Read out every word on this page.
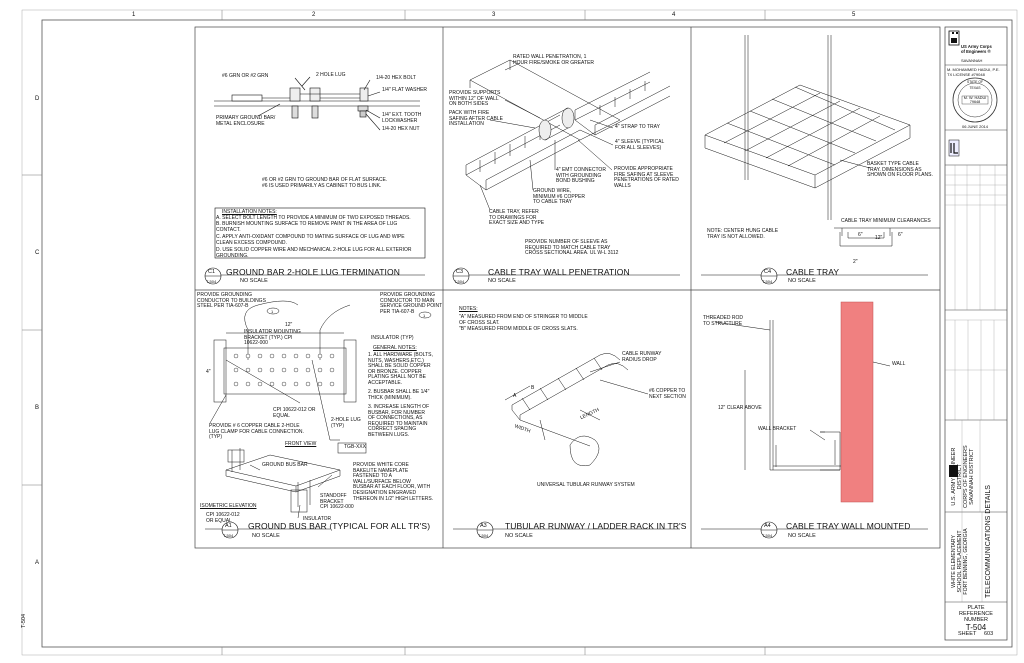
1	2	3	4	5
D
C
B
A
T-504
#6 GRN OR #2 GRN	2 HOLE LUG	1/4-20 HEX BOLT
1/4" FLAT WASHER
PRIMARY GROUND BAR/
METAL ENCLOSURE
1/4" EXT. TOOTH
LOCKWASHER
1/4-20 HEX NUT
#6 OR #2 GRN TO GROUND BAR OF FLAT SURFACE.
#6 IS USED PRIMARILY AS CABINET TO BUS LINK.
INSTALLATION NOTES:
A. SELECT BOLT LENGTH TO PROVIDE A MINIMUM OF TWO EXPOSED THREADS.
B. BURNISH MOUNTING SURFACE TO REMOVE PAINT IN THE AREA OF LUG
CONTACT.
C. APPLY ANTI-OXIDANT COMPOUND TO MATING SURFACE OF LUG AND WIPE
CLEAN EXCESS COMPOUND.
D. USE SOLID COPPER WIRE AND MECHANICAL 2-HOLE LUG FOR ALL EXTERIOR
GROUNDING.
C1
T-504
GROUND BAR 2-HOLE LUG TERMINATION
NO SCALE
RATED WALL PENETRATION, 1
HOUR FIRE/SMOKE OR GREATER
PROVIDE SUPPORTS
WITHIN 12" OF WALL
ON BOTH SIDES
PACK WITH FIRE
SAFING AFTER CABLE
INSTALLATION	4" STRAP TO TRAY
4" SLEEVE (TYPICAL
FOR ALL SLEEVES)
4" EMT CONNECTOR
WITH GROUNDING
BOND BUSHING
PROVIDE APPROPRIATE
FIRE SAFING AT SLEEVE
PENETRATIONS OF RATED
WALLS
GROUND WIRE,
MINIMUM #6 COPPER
TO CABLE TRAY
CABLE TRAY, REFER
TO DRAWINGS FOR
EXACT SIZE AND TYPE
PROVIDE NUMBER OF SLEEVE AS
REQUIRED TO MATCH CABLE TRAY
CROSS SECTIONAL AREA. UL W-L 3112
C3
T-504
CABLE TRAY WALL PENETRATION
NO SCALE
BASKET TYPE CABLE
TRAY. DIMENSIONS AS
SHOWN ON FLOOR PLANS.
CABLE TRAY MINIMUM CLEARANCES
NOTE: CENTER HUNG CABLE
TRAY IS NOT ALLOWED.	6" 12"	6"
2"
C4
T-504
CABLE TRAY
NO SCALE
PROVIDE GROUNDING
CONDUCTOR TO BUILDINGS
STEEL PER TIA-607-B
PROVIDE GROUNDING
CONDUCTOR TO MAIN
SERVICE GROUND POINT
PER TIA-607-B
1
1
12"
4"
INSULATOR MOUNTING
BRACKET (TYP.) CPI
10622-000
INSULATOR (TYP)
GENERAL NOTES:
1. ALL HARDWARE (BOLTS,
NUTS, WASHERS,ETC.)
SHALL BE SOLID COPPER
OR BRONZE. COPPER
PLATING SHALL NOT BE
ACCEPTABLE.
2. BUSBAR SHALL BE 1/4"
THICK (MINIMUM).
3. INCREASE LENGTH OF
BUSBAR, FOR NUMBER
OF CONNECTIONS, AS
REQUIRED TO MAINTAIN
CORRECT SPACING
BETWEEN LUGS.
CPI 10622-012 OR
EQUAL
PROVIDE # 6 COPPER CABLE 2-HOLE
LUG CLAMP FOR CABLE CONNECTION.
(TYP)
2-HOLE LUG
(TYP)
FRONT VIEW	TGB-XXX
GROUND BUS BAR	PROVIDE WHITE CORE
BAKELITE NAMEPLATE
FASTENED TO A
WALL/SURFACE BELOW
BUSBAR AT EACH FLOOR, WITH
DESIGNATION ENGRAVED
THEREON IN 1/2" HIGH LETTERS.
STANDOFF
BRACKET
CPI 10622-000
ISOMETRIC ELEVATION
CPI 10622-012
OR EQUAL	INSULATOR
A1
T-504
GROUND BUS BAR (TYPICAL FOR ALL TR'S)
NO SCALE
NOTES:
"A" MEASURED FROM END OF STRINGER TO MIDDLE
OF CROSS SLAT.
"B" MEASURED FROM MIDDLE OF CROSS SLATS.
CABLE RUNWAY
RADIUS DROP
#6 COPPER TO
NEXT SECTION
A
B
LENGTH
WIDTH
UNIVERSAL TUBULAR RUNWAY SYSTEM
A3
T-504
TUBULAR RUNWAY / LADDER RACK IN TR'S
NO SCALE
THREADED ROD
TO STRUCTURE
WALL
12" CLEAR ABOVE
WALL BRACKET
A4
T-504
CABLE TRAY WALL MOUNTED
NO SCALE
US Army Corps
of Engineers ®
SAVANNAH
M. MOHAMMED HADUI, P.E.
TX LICENSE #79048
STATE OF TEXAS
M. W. HADUI
79648
06 JUNE 2014
U.S. ARMY ENGINEER
DISTRICT
CORPS OF ENGINEERS
SAVANNAH DISTRICT
WHITE ELEMENTARY SCHOOL REPLACEMENT
FORT BENNING, GEORGIA TELECOMMUNICATIONS DETAILS
PLATE
REFERENCE
NUMBER
T-504
SHEET 603
